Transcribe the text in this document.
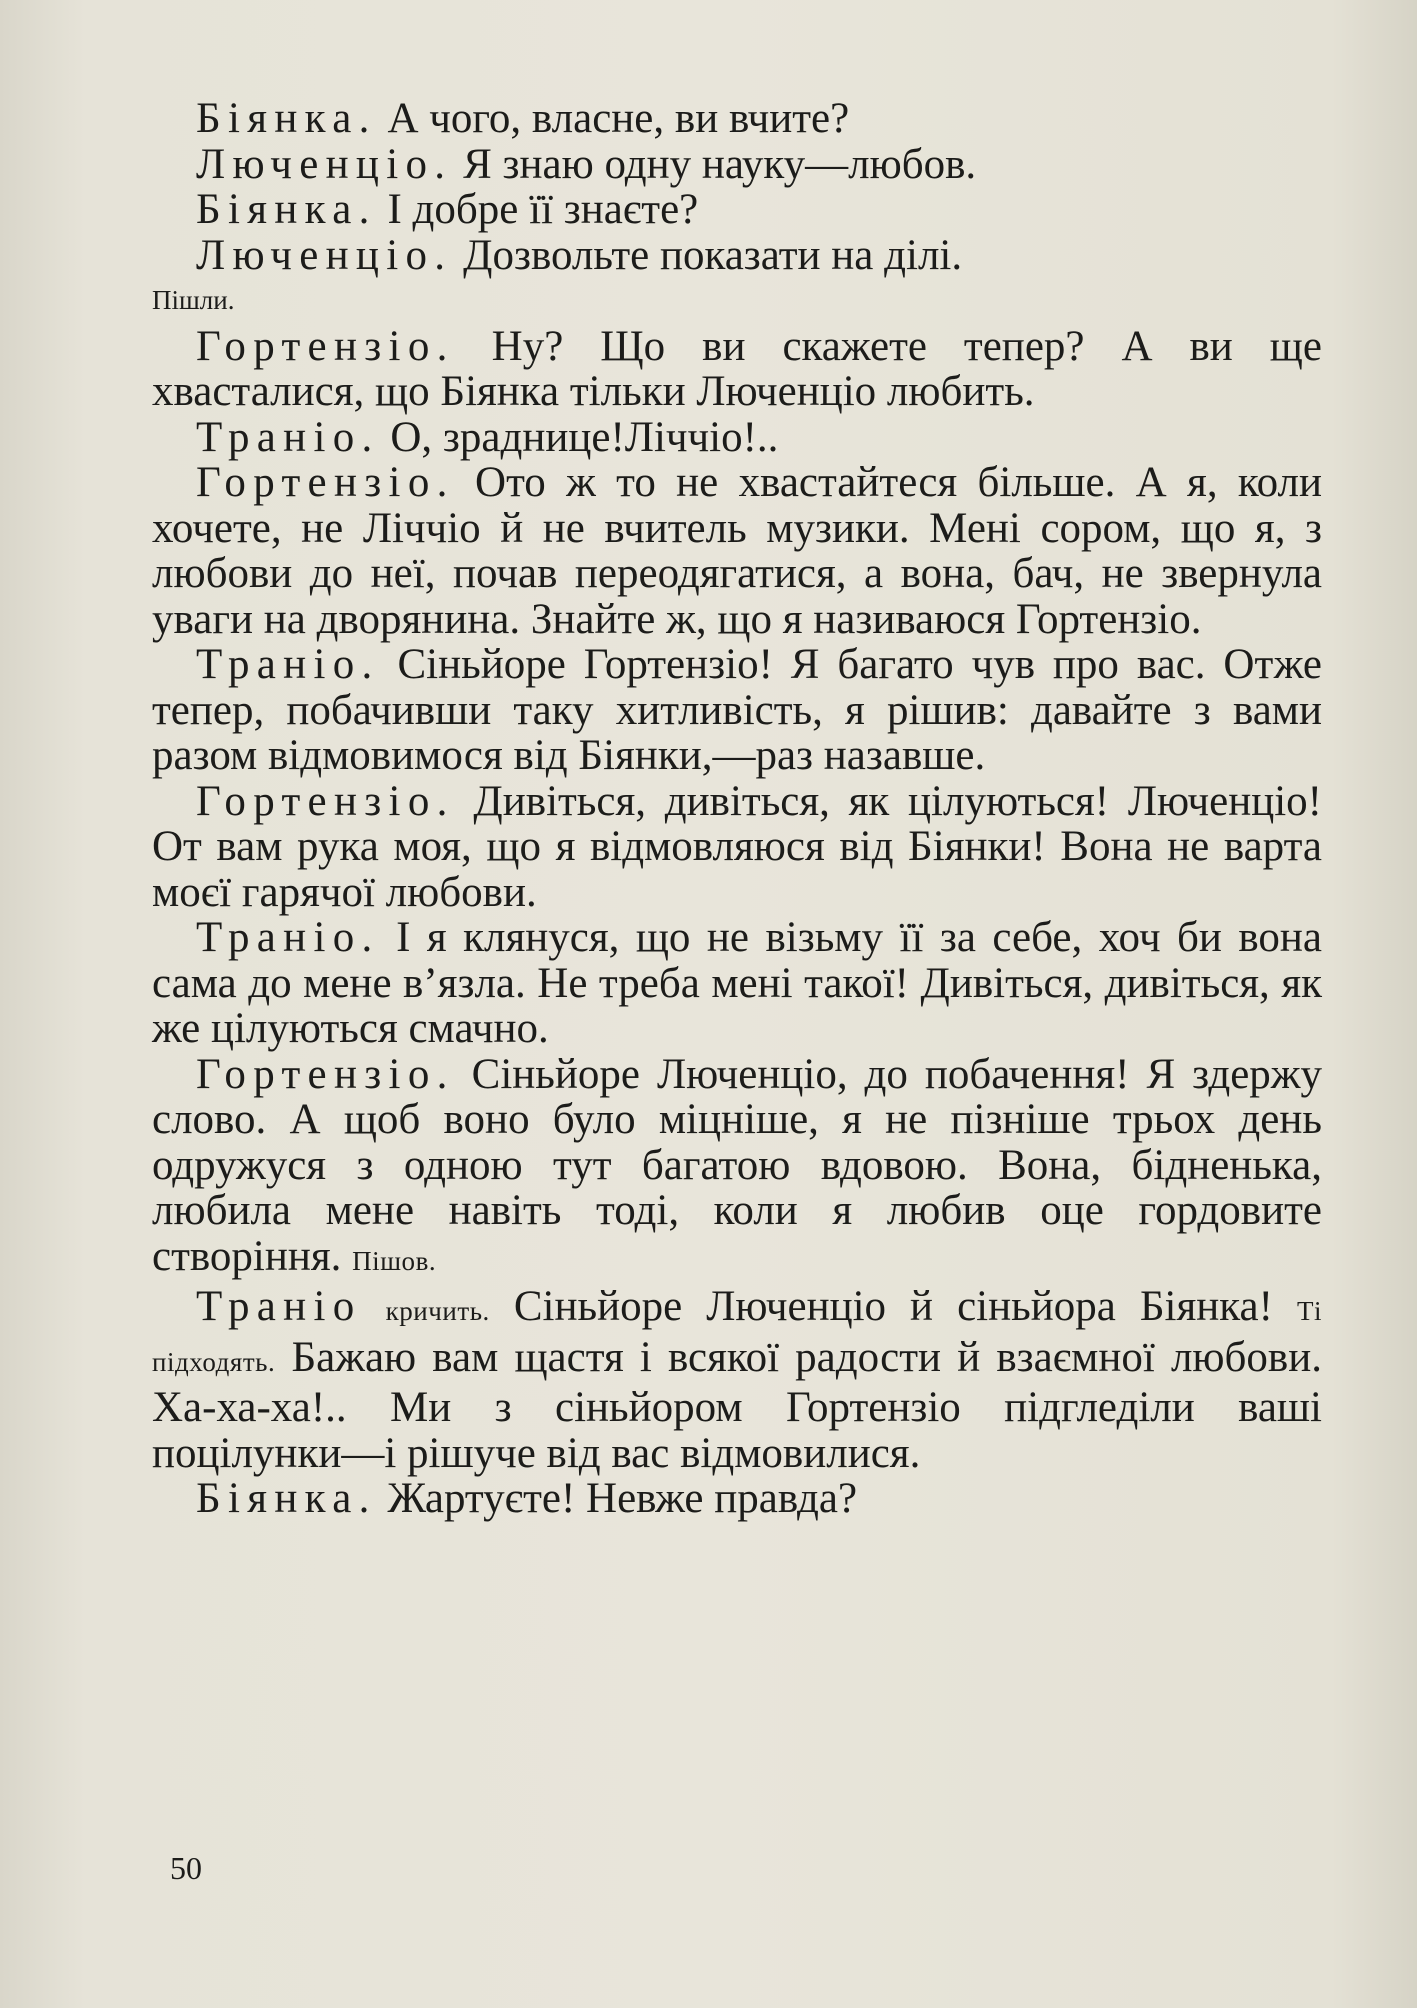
Біянка. А чого, власне, ви вчите?

Люченціо. Я знаю одну науку—любов.

Біянка. І добре її знаєте?

Люченціо. Дозвольте показати на ділі.

Пішли.

Гортензіо. Ну? Що ви скажете тепер? А ви ще хвасталися, що Біянка тільки Люченціо любить.

Траніо. О, зраднице!Ліччіо!..

Гортензіо. Ото ж то не хвастайтеся більше. А я, коли хочете, не Ліччіо й не вчитель музики. Мені сором, що я, з любови до неї, почав переодягатися, а вона, бач, не звернула уваги на дворянина. Знайте ж, що я називаюся Гортензіо.

Траніо. Сіньйоре Гортензіо! Я багато чув про вас. Отже тепер, побачивши таку хитливість, я рішив: давайте з вами разом відмовимося від Біянки,—раз назавше.

Гортензіо. Дивіться, дивіться, як цілуються! Люченціо! От вам рука моя, що я відмовляюся від Біянки! Вона не варта моєї гарячої любови.

Траніо. І я клянуся, що не візьму її за себе, хоч би вона сама до мене в’язла. Не треба мені такої! Дивіться, дивіться, як же цілуються смачно.

Гортензіо. Сіньйоре Люченціо, до побачення! Я здержу слово. А щоб воно було міцніше, я не пізніше трьох день одружуся з одною тут багатою вдовою. Вона, бідненька, любила мене навіть тоді, коли я любив оце гордовите створіння. Пішов.

Траніо кричить. Сіньйоре Люченціо й сіньйора Біянка! Ті підходять. Бажаю вам щастя і всякої радости й взаємної любови. Ха-ха-ха!.. Ми з сіньйором Гортензіо підгледіли ваші поцілунки—і рішуче від вас відмовилися.

Біянка. Жартуєте! Невже правда?

50
